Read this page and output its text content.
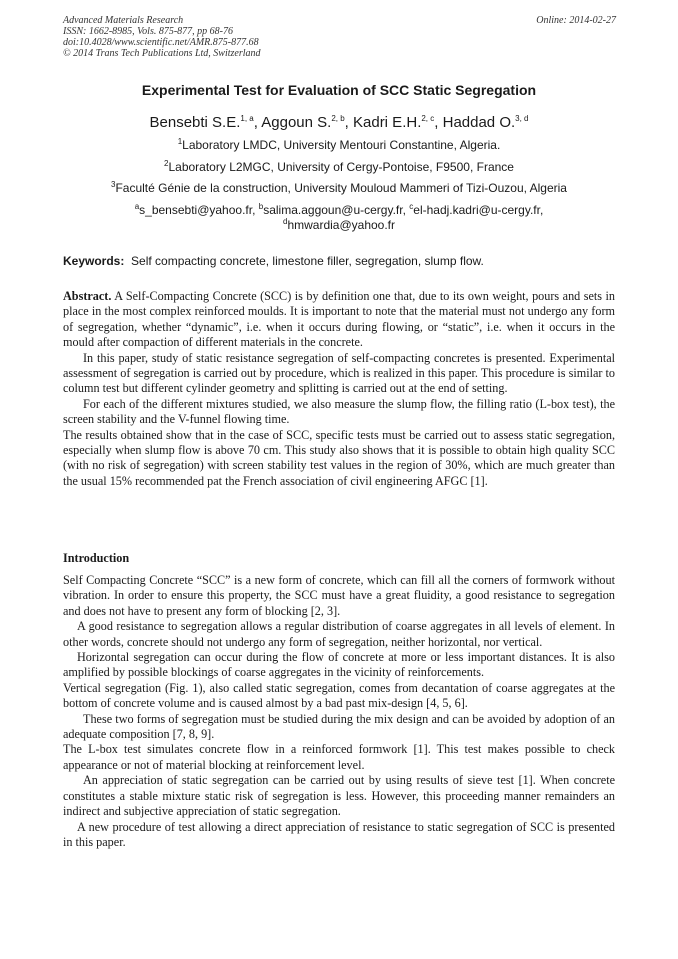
Advanced Materials Research
ISSN: 1662-8985, Vols. 875-877, pp 68-76
doi:10.4028/www.scientific.net/AMR.875-877.68
© 2014 Trans Tech Publications Ltd, Switzerland
Online: 2014-02-27
Experimental Test for Evaluation of SCC Static Segregation
Bensebti S.E.$^{1, a}$, Aggoun S.$^{2, b}$, Kadri E.H.$^{2, c}$, Haddad O.$^{3, d}$
$^1$Laboratory LMDC, University Mentouri Constantine, Algeria.
$^2$Laboratory L2MGC, University of Cergy-Pontoise, F9500, France
$^3$Faculté Génie de la construction, University Mouloud Mammeri of Tizi-Ouzou, Algeria
$^a$s_bensebti@yahoo.fr, $^b$salima.aggoun@u-cergy.fr, $^c$el-hadj.kadri@u-cergy.fr,
$^d$hmwardia@yahoo.fr
Keywords: Self compacting concrete, limestone filler, segregation, slump flow.

Abstract. A Self-Compacting Concrete (SCC) is by definition one that, due to its own weight, pours and sets in place in the most complex reinforced moulds. It is important to note that the material must not undergo any form of segregation, whether “dynamic”, i.e. when it occurs during flowing, or “static”, i.e. when it occurs in the mould after compaction of different materials in the concrete.

In this paper, study of static resistance segregation of self-compacting concretes is presented. Experimental assessment of segregation is carried out by procedure, which is realized in this paper. This procedure is similar to column test but different cylinder geometry and splitting is carried out at the end of setting.

For each of the different mixtures studied, we also measure the slump flow, the filling ratio (L-box test), the screen stability and the V-funnel flowing time.

The results obtained show that in the case of SCC, specific tests must be carried out to assess static segregation, especially when slump flow is above 70 cm. This study also shows that it is possible to obtain high quality SCC (with no risk of segregation) with screen stability test values in the region of 30%, which are much greater than the usual 15% recommended pat the French association of civil engineering AFGC [1].

Introduction

Self Compacting Concrete “SCC” is a new form of concrete, which can fill all the corners of formwork without vibration. In order to ensure this property, the SCC must have a great fluidity, a good resistance to segregation and does not have to present any form of blocking [2, 3].

A good resistance to segregation allows a regular distribution of coarse aggregates in all levels of element. In other words, concrete should not undergo any form of segregation, neither horizontal, nor vertical.

Horizontal segregation can occur during the flow of concrete at more or less important distances. It is also amplified by possible blockings of coarse aggregates in the vicinity of reinforcements.

Vertical segregation (Fig. 1), also called static segregation, comes from decantation of coarse aggregates at the bottom of concrete volume and is caused almost by a bad past mix-design [4, 5, 6].

These two forms of segregation must be studied during the mix design and can be avoided by adoption of an adequate composition [7, 8, 9].

The L-box test simulates concrete flow in a reinforced formwork [1]. This test makes possible to check appearance or not of material blocking at reinforcement level.

An appreciation of static segregation can be carried out by using results of sieve test [1]. When concrete constitutes a stable mixture static risk of segregation is less. However, this proceeding manner remainders an indirect and subjective appreciation of static segregation.

A new procedure of test allowing a direct appreciation of resistance to static segregation of SCC is presented in this paper.
